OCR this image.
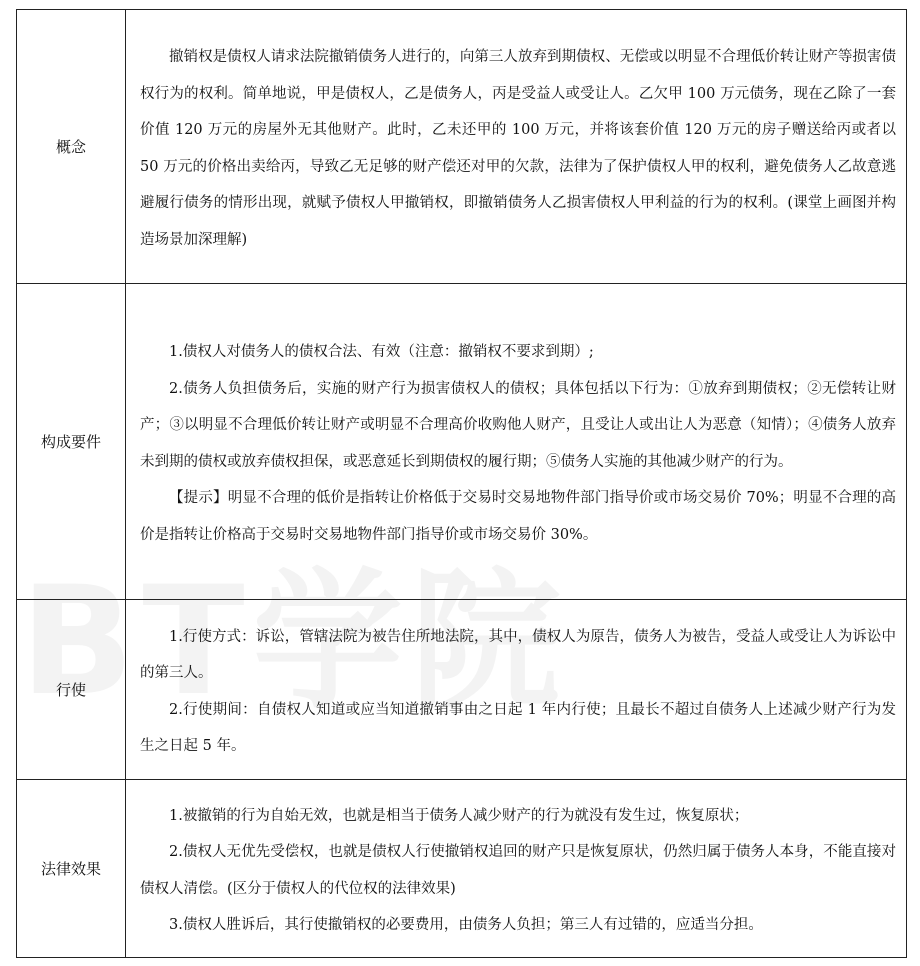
概念	撤销权是债权人请求法院撤销债务人进行的，向第三人放弃到期债权、无偿或以明显不合理低价转让财产等损害债权行为的权利。简单地说，甲是债权人，乙是债务人，丙是受益人或受让人。乙欠甲 100 万元债务，现在乙除了一套价值 120 万元的房屋外无其他财产。此时，乙未还甲的 100 万元，并将该套价值 120 万元的房子赠送给丙或者以 50 万元的价格出卖给丙，导致乙无足够的财产偿还对甲的欠款，法律为了保护债权人甲的权利，避免债务人乙故意逃避履行债务的情形出现，就赋予债权人甲撤销权，即撤销债务人乙损害债权人甲利益的行为的权利。(课堂上画图并构造场景加深理解)

构成要件	1.债权人对债务人的债权合法、有效（注意：撤销权不要求到期）;

2.债务人负担债务后，实施的财产行为损害债权人的债权；具体包括以下行为：①放弃到期债权；②无偿转让财产；③以明显不合理低价转让财产或明显不合理高价收购他人财产，且受让人或出让人为恶意（知情）；④债务人放弃未到期的债权或放弃债权担保，或恶意延长到期债权的履行期；⑤债务人实施的其他减少财产的行为。

【提示】明显不合理的低价是指转让价格低于交易时交易地物件部门指导价或市场交易价 70%；明显不合理的高价是指转让价格高于交易时交易地物件部门指导价或市场交易价 30%。

行使	1.行使方式：诉讼，管辖法院为被告住所地法院，其中，债权人为原告，债务人为被告，受益人或受让人为诉讼中的第三人。

2.行使期间：自债权人知道或应当知道撤销事由之日起 1 年内行使；且最长不超过自债务人上述减少财产行为发生之日起 5 年。

法律效果	1.被撤销的行为自始无效，也就是相当于债务人减少财产的行为就没有发生过，恢复原状；

2.债权人无优先受偿权，也就是债权人行使撤销权追回的财产只是恢复原状，仍然归属于债务人本身，不能直接对债权人清偿。(区分于债权人的代位权的法律效果)

3.债权人胜诉后，其行使撤销权的必要费用，由债务人负担；第三人有过错的，应适当分担。
